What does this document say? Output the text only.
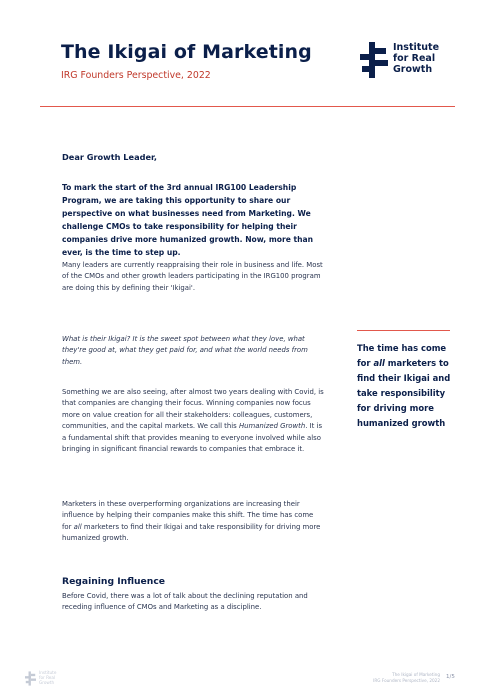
The Ikigai of Marketing
IRG Founders Perspective, 2022
Institute
for Real
Growth
Dear Growth Leader,
To mark the start of the 3rd annual IRG100 Leadership Program, we are taking this opportunity to share our perspective on what businesses need from Marketing. We challenge CMOs to take responsibility for helping their companies drive more humanized growth. Now, more than ever, is the time to step up.
Many leaders are currently reappraising their role in business and life. Most of the CMOs and other growth leaders participating in the IRG100 program are doing this by defining their 'Ikigai'.
What is their Ikigai? It is the sweet spot between what they love, what they're good at, what they get paid for, and what the world needs from them.
Something we are also seeing, after almost two years dealing with Covid, is that companies are changing their focus. Winning companies now focus more on value creation for all their stakeholders: colleagues, customers, communities, and the capital markets. We call this Humanized Growth. It is a fundamental shift that provides meaning to everyone involved while also bringing in significant financial rewards to companies that embrace it.
Marketers in these overperforming organizations are increasing their influence by helping their companies make this shift. The time has come for all marketers to find their Ikigai and take responsibility for driving more humanized growth.
Regaining Influence
Before Covid, there was a lot of talk about the declining reputation and receding influence of CMOs and Marketing as a discipline.
The time has come for all marketers to find their Ikigai and take responsibility for driving more humanized growth
Institute
for Real
Growth
The Ikigai of Marketing
IRG Founders Perspective, 2022
1/5
